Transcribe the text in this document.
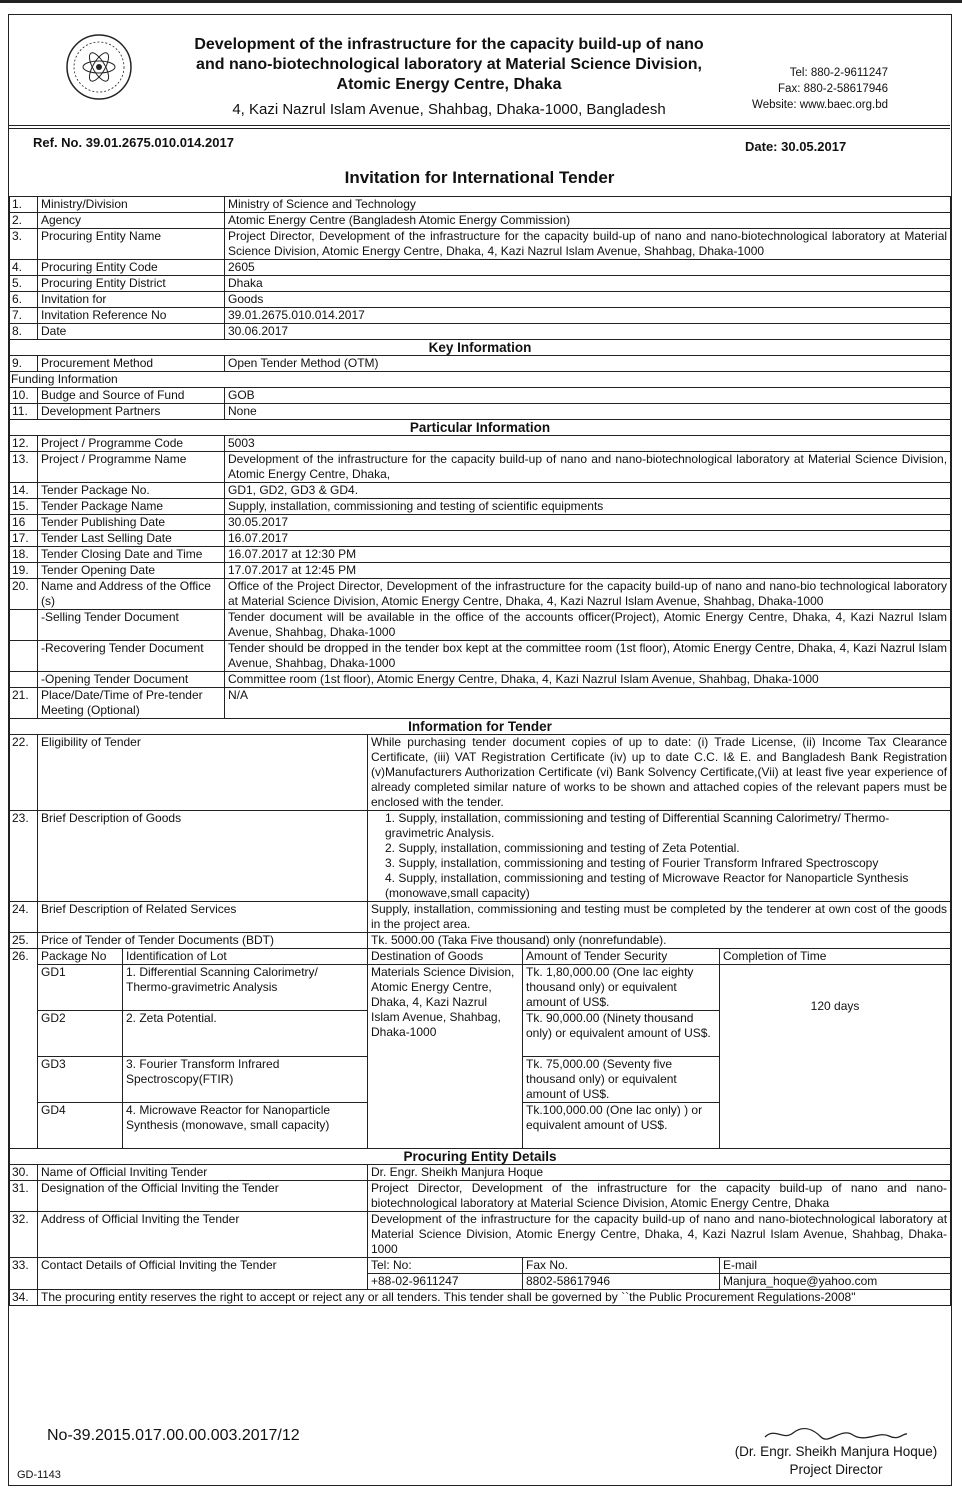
Development of the infrastructure for the capacity build-up of nano
and nano-biotechnological laboratory at Material Science Division,
Atomic Energy Centre, Dhaka
4, Kazi Nazrul Islam Avenue, Shahbag, Dhaka-1000, Bangladesh
Tel: 880-2-9611247
Fax: 880-2-58617946
Website: www.baec.org.bd
Ref. No. 39.01.2675.010.014.2017	Date: 30.05.2017
Invitation for International Tender
1.	Ministry/Division		Ministry of Science and Technology			
2.	Agency		Atomic Energy Centre (Bangladesh Atomic Energy Commission)			
3.	Procuring Entity Name		Project Director, Development of the infrastructure for the capacity build-up of nano and nano-biotechnological laboratory at Material Science Division, Atomic Energy Centre, Dhaka, 4, Kazi Nazrul Islam Avenue, Shahbag, Dhaka-1000			
4.	Procuring Entity Code		2605			
5.	Procuring Entity District		Dhaka			
6.	Invitation for		Goods			
7.	Invitation Reference No		39.01.2675.010.014.2017			
8.	Date		30.06.2017			
Key Information						
9.	Procurement Method		Open Tender Method (OTM)			
Funding Information						
10.	Budge and Source of Fund		GOB			
11.	Development Partners		None			
Particular Information						
12.	Project / Programme Code		5003			
13.	Project / Programme Name		Development of the infrastructure for the capacity build-up of nano and nano-biotechnological laboratory at Material Science Division, Atomic Energy Centre, Dhaka,			
14.	Tender Package No.		GD1, GD2, GD3 & GD4.			
15.	Tender Package Name		Supply, installation, commissioning and testing of scientific equipments			
16	Tender Publishing Date		30.05.2017			
17.	Tender Last Selling Date		16.07.2017			
18.	Tender Closing Date and Time		16.07.2017 at 12:30 PM			
19.	Tender Opening Date		17.07.2017 at 12:45 PM			
20.	Name and Address of the Office (s)		Office of the Project Director, Development of the infrastructure for the capacity build-up of nano and nano-bio technological laboratory at Material Science Division, Atomic Energy Centre, Dhaka, 4, Kazi Nazrul Islam Avenue, Shahbag, Dhaka-1000			
	-Selling Tender Document		Tender document will be available in the office of the accounts officer(Project), Atomic Energy Centre, Dhaka, 4, Kazi Nazrul Islam Avenue, Shahbag, Dhaka-1000			
	-Recovering Tender Document		Tender should be dropped in the tender box kept at the committee room (1st floor), Atomic Energy Centre, Dhaka, 4, Kazi Nazrul Islam Avenue, Shahbag, Dhaka-1000			
	-Opening Tender Document		Committee room (1st floor), Atomic Energy Centre, Dhaka, 4, Kazi Nazrul Islam Avenue, Shahbag, Dhaka-1000			
21.	Place/Date/Time of Pre-tender Meeting (Optional)		N/A			
Information for Tender						
22.	Eligibility of Tender			While purchasing tender document copies of up to date: (i) Trade License, (ii) Income Tax Clearance Certificate, (iii) VAT Registration Certificate (iv) up to date C.C. I& E. and Bangladesh Bank Registration (v)Manufacturers Authorization Certificate (vi) Bank Solvency Certificate,(Vii) at least five year experience of already completed similar nature of works to be shown and attached copies of the relevant papers must be enclosed with the tender.		
23.	Brief Description of Goods			1. Supply, installation, commissioning and testing of Differential Scanning Calorimetry/ Thermo-gravimetric Analysis.
2. Supply, installation, commissioning and testing of Zeta Potential.
3. Supply, installation, commissioning and testing of Fourier Transform Infrared Spectroscopy
4. Supply, installation, commissioning and testing of Microwave Reactor for Nanoparticle Synthesis (monowave,small capacity)		

24.	Brief Description of Related Services			Supply, installation, commissioning and testing must be completed by the tenderer at own cost of the goods in the project area.		
25.	Price of Tender of Tender Documents (BDT)			Tk. 5000.00 (Taka Five thousand) only (nonrefundable).		
26.	Package No	Identification of Lot		Destination of Goods	Amount of Tender Security	Completion of Time
	GD1	1. Differential Scanning Calorimetry/ Thermo-gravimetric Analysis		Materials Science Division, Atomic Energy Centre, Dhaka, 4, Kazi Nazrul Islam Avenue, Shahbag, Dhaka-1000	Tk. 1,80,000.00 (One lac eighty thousand only) or equivalent amount of US$.	120 days
	GD2	2. Zeta Potential.			Tk. 90,000.00 (Ninety thousand only) or equivalent amount of US$.	
	GD3	3. Fourier Transform Infrared Spectroscopy(FTIR)			Tk. 75,000.00 (Seventy five thousand only) or equivalent amount of US$.	
	GD4	4. Microwave Reactor for Nanoparticle Synthesis (monowave, small capacity)			Tk.100,000.00 (One lac only) ) or equivalent amount of US$.	
Procuring Entity Details						
30.	Name of Official Inviting Tender			Dr. Engr. Sheikh Manjura Hoque		
31.	Designation of the Official Inviting the Tender			Project Director, Development of the infrastructure for the capacity build-up of nano and nano-biotechnological laboratory at Material Science Division, Atomic Energy Centre, Dhaka		
32.	Address of Official Inviting the Tender			Development of the infrastructure for the capacity build-up of nano and nano-biotechnological laboratory at Material Science Division, Atomic Energy Centre, Dhaka, 4, Kazi Nazrul Islam Avenue, Shahbag, Dhaka-1000		
33.	Contact Details of Official Inviting the Tender			Tel: No:	Fax No.	E-mail
				+88-02-9611247	8802-58617946	Manjura_hoque@yahoo.com
34.	The procuring entity reserves the right to accept or reject any or all tenders. This tender shall be governed by ``the Public Procurement Regulations-2008"					
No-39.2015.017.00.00.003.2017/12
(Dr. Engr. Sheikh Manjura Hoque)
Project Director
GD-1143
